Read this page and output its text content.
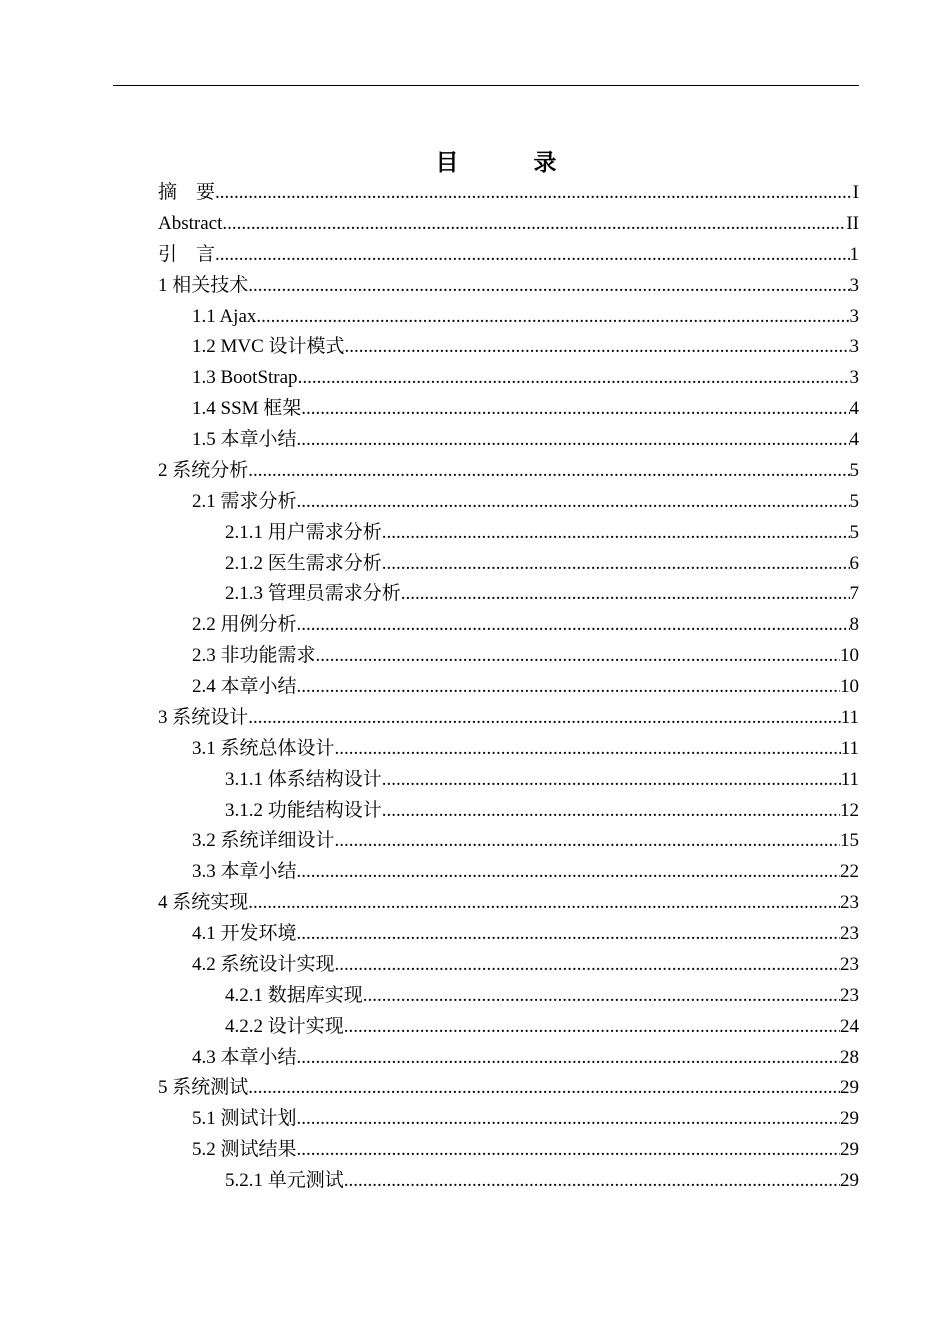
目　录
摘　要 .....	I
Abstract .....	II
引　言 .....	1
1 相关技术 .....	3
1.1 Ajax .....	3
1.2 MVC 设计模式 .....	3
1.3 BootStrap .....	3
1.4 SSM 框架 .....	4
1.5 本章小结 .....	4
2 系统分析 .....	5
2.1 需求分析 .....	5
2.1.1 用户需求分析 .....	5
2.1.2 医生需求分析 .....	6
2.1.3 管理员需求分析 .....	7
2.2 用例分析 .....	8
2.3 非功能需求 .....	10
2.4 本章小结 .....	10
3 系统设计 .....	11
3.1 系统总体设计 .....	11
3.1.1 体系结构设计 .....	11
3.1.2 功能结构设计 .....	12
3.2 系统详细设计 .....	15
3.3 本章小结 .....	22
4 系统实现 .....	23
4.1 开发环境 .....	23
4.2 系统设计实现 .....	23
4.2.1 数据库实现 .....	23
4.2.2 设计实现 .....	24
4.3 本章小结 .....	28
5 系统测试 .....	29
5.1 测试计划 .....	29
5.2 测试结果 .....	29
5.2.1 单元测试 .....	29
